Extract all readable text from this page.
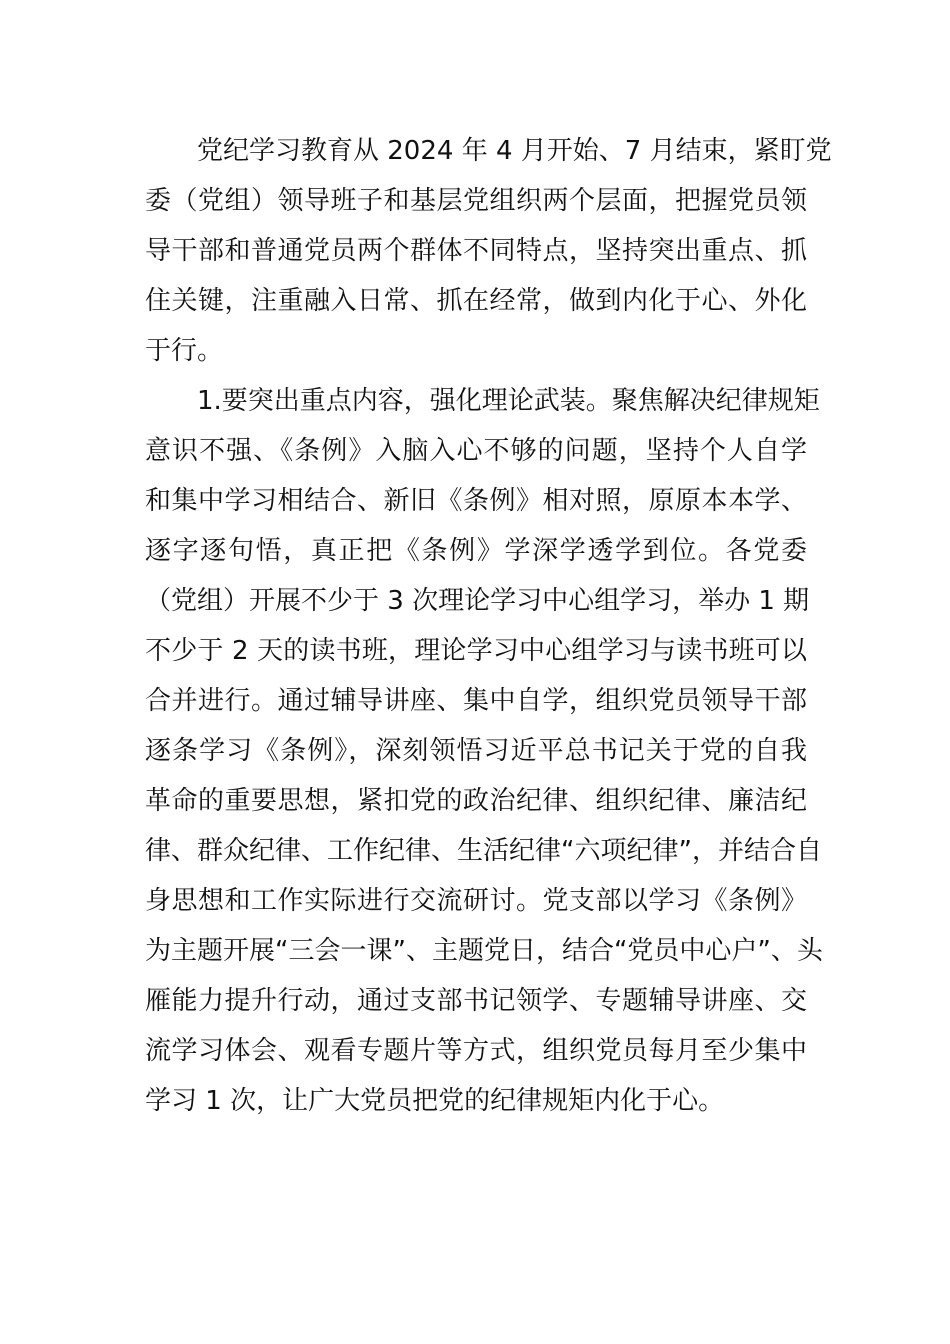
党纪学习教育从 2024 年 4 月开始、7 月结束，紧盯党
委（党组）领导班子和基层党组织两个层面，把握党员领
导干部和普通党员两个群体不同特点，坚持突出重点、抓
住关键，注重融入日常、抓在经常，做到内化于心、外化
于行。

1.要突出重点内容，强化理论武装。聚焦解决纪律规矩
意识不强、《条例》入脑入心不够的问题，坚持个人自学
和集中学习相结合、新旧《条例》相对照，原原本本学、
逐字逐句悟，真正把《条例》学深学透学到位。各党委
（党组）开展不少于 3 次理论学习中心组学习，举办 1 期
不少于 2 天的读书班，理论学习中心组学习与读书班可以
合并进行。通过辅导讲座、集中自学，组织党员领导干部
逐条学习《条例》，深刻领悟习近平总书记关于党的自我
革命的重要思想，紧扣党的政治纪律、组织纪律、廉洁纪
律、群众纪律、工作纪律、生活纪律“六项纪律”，并结合自
身思想和工作实际进行交流研讨。党支部以学习《条例》
为主题开展“三会一课”、主题党日，结合“党员中心户”、头
雁能力提升行动，通过支部书记领学、专题辅导讲座、交
流学习体会、观看专题片等方式，组织党员每月至少集中
学习 1 次，让广大党员把党的纪律规矩内化于心。
